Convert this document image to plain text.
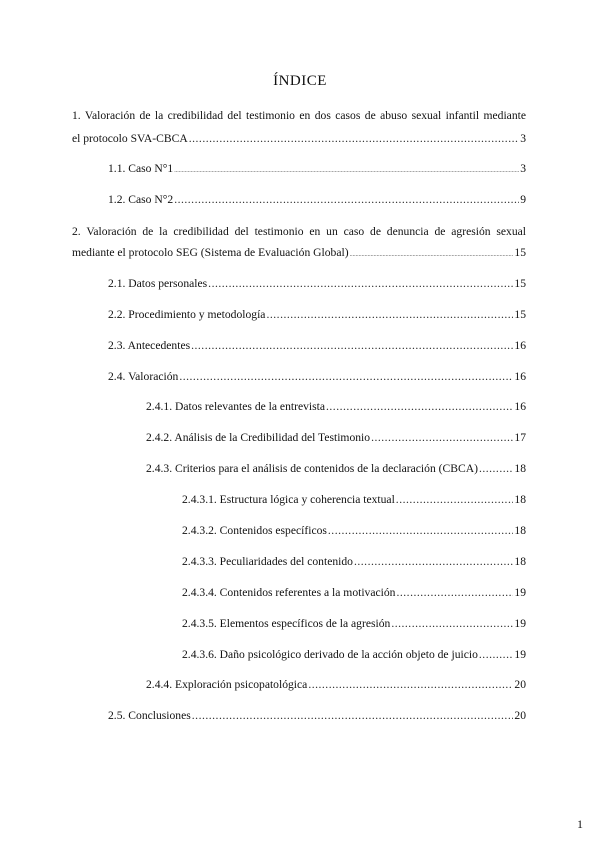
ÍNDICE
1. Valoración de la credibilidad del testimonio en dos casos de abuso sexual infantil mediante
el protocolo SVA-CBCA .....	3
1.1. Caso N°1 .....	3
1.2. Caso N°2 .....	9
2. Valoración de la credibilidad del testimonio en un caso de denuncia de agresión sexual
mediante el protocolo SEG (Sistema de Evaluación Global) .....	15
2.1. Datos personales .....	15
2.2. Procedimiento y metodología .....	15
2.3. Antecedentes .....	16
2.4. Valoración .....	16
2.4.1. Datos relevantes de la entrevista .....	16
2.4.2. Análisis de la Credibilidad del Testimonio .....	17
2.4.3. Criterios para el análisis de contenidos de la declaración (CBCA) .....	18
2.4.3.1. Estructura lógica y coherencia textual .....	18
2.4.3.2. Contenidos específicos .....	18
2.4.3.3. Peculiaridades del contenido .....	18
2.4.3.4. Contenidos referentes a la motivación .....	19
2.4.3.5. Elementos específicos de la agresión .....	19
2.4.3.6. Daño psicológico derivado de la acción objeto de juicio .....	19
2.4.4. Exploración psicopatológica .....	20
2.5. Conclusiones .....	20
1
